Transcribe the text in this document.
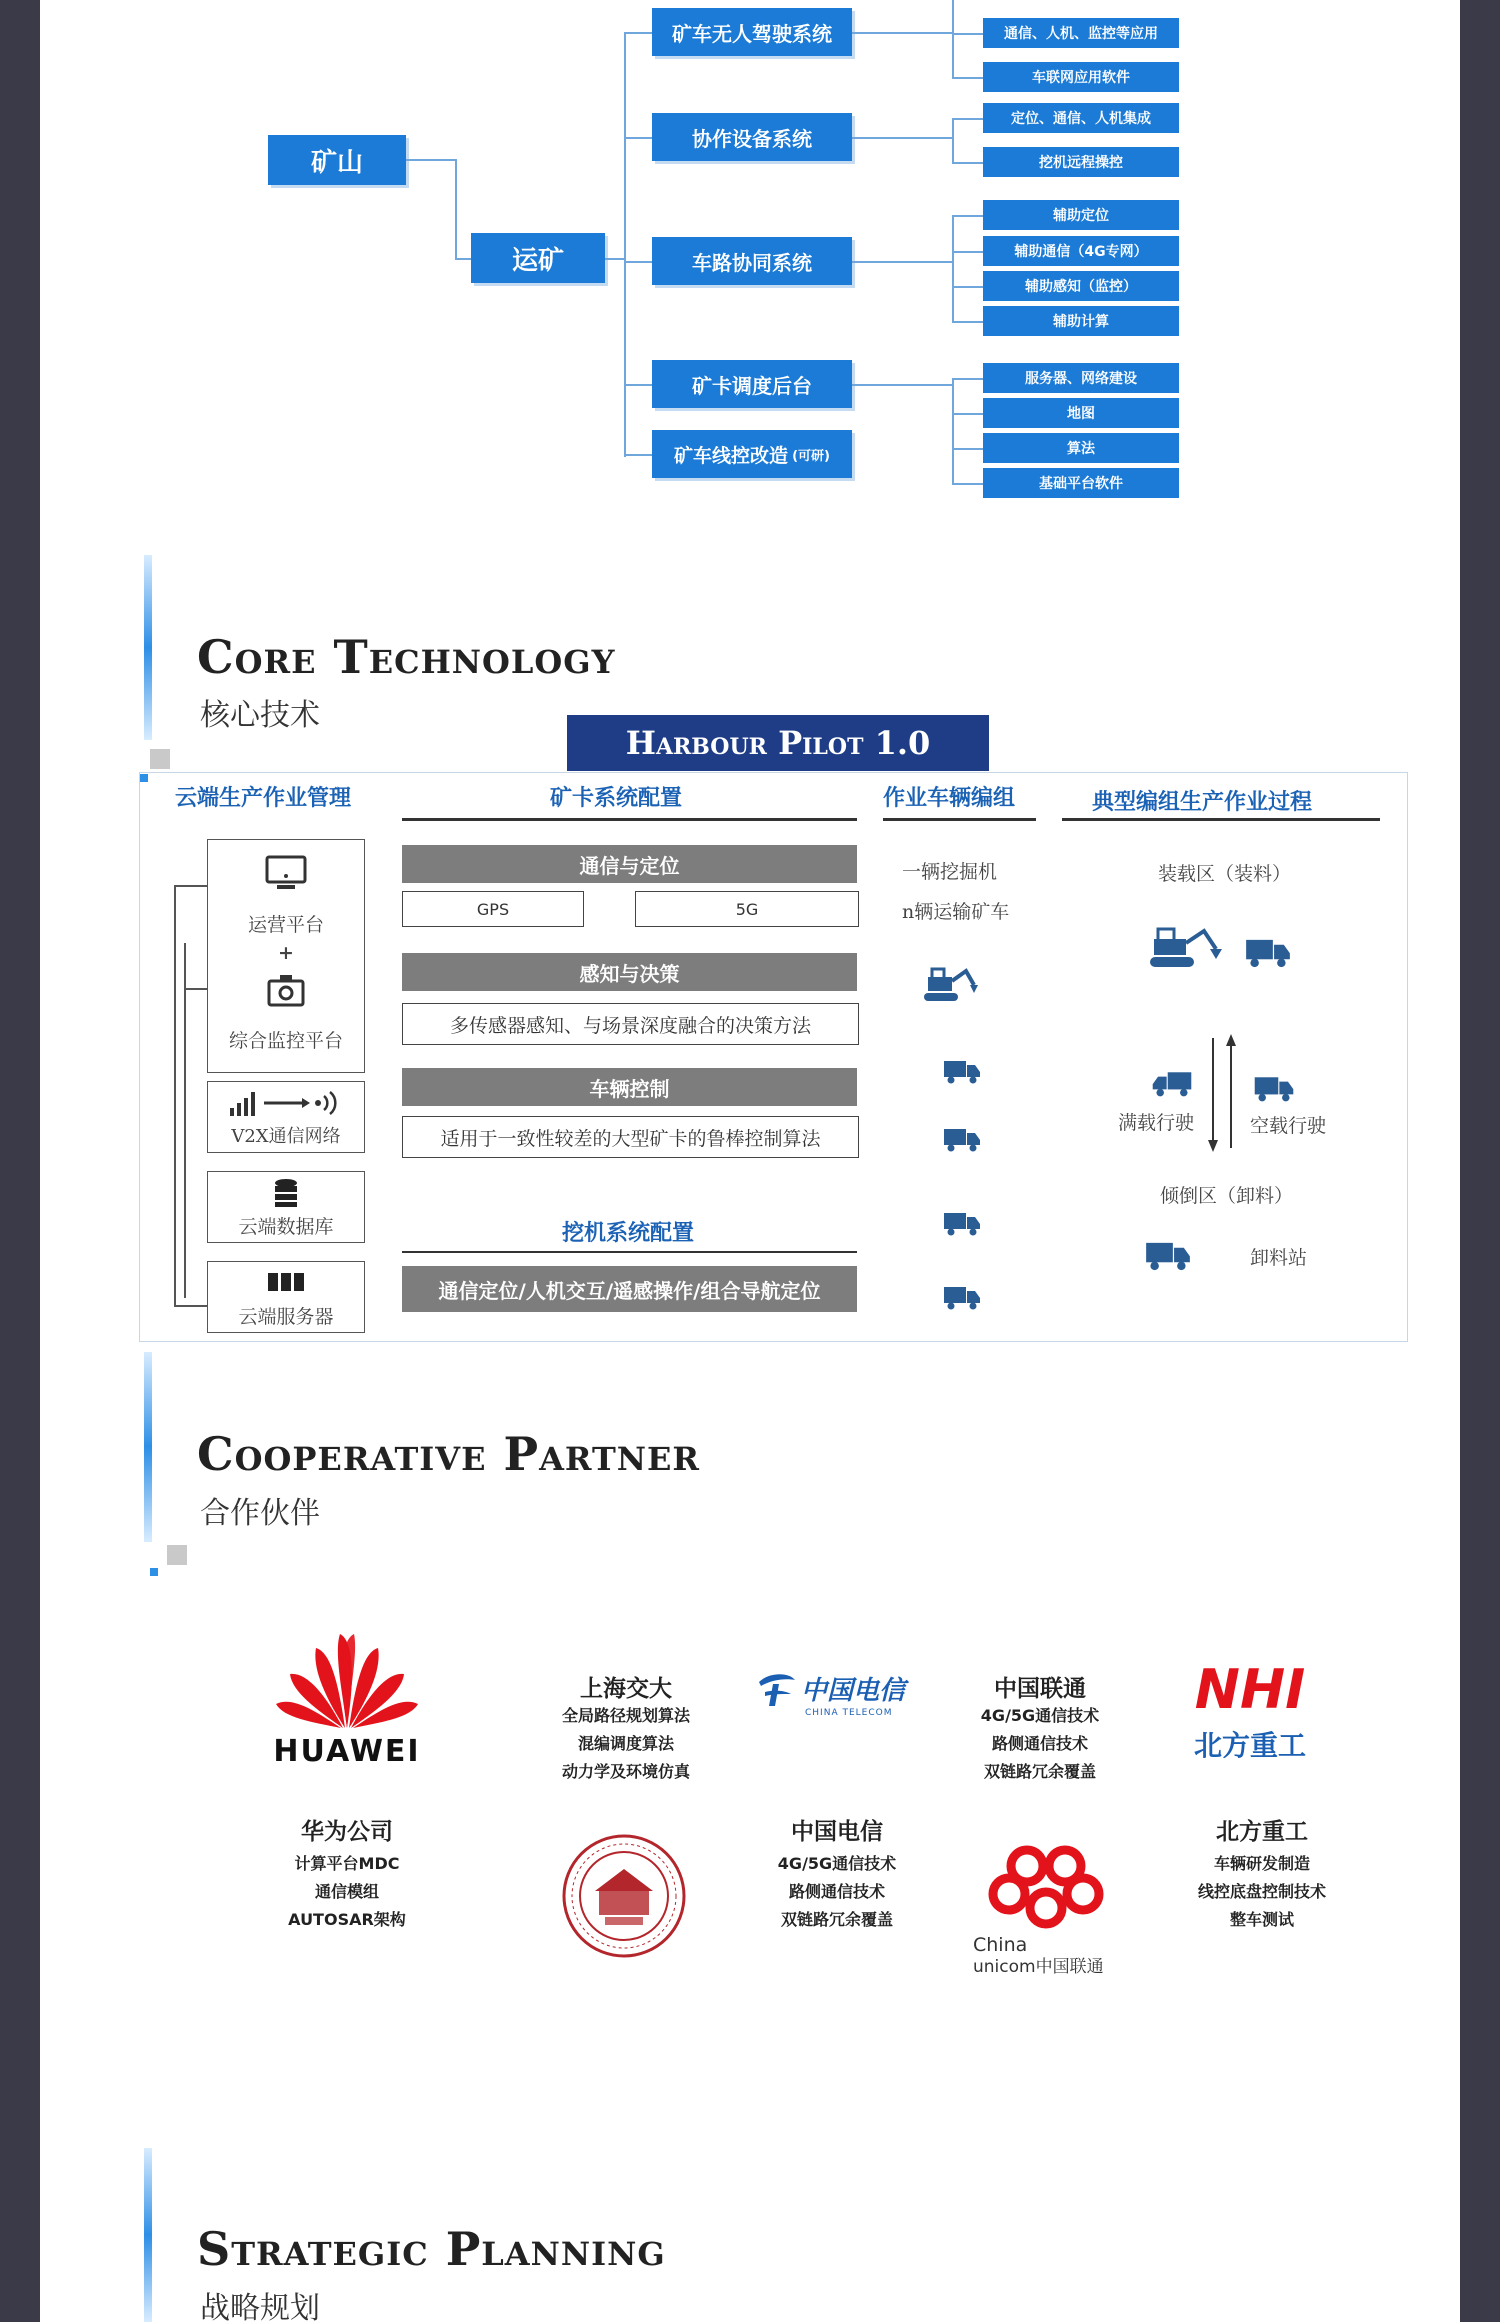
矿山
运矿
矿车无人驾驶系统
协作设备系统
车路协同系统
矿卡调度后台
矿车线控改造 (可研)
通信、人机、监控等应用
车联网应用软件
定位、通信、人机集成
挖机远程操控
辅助定位
辅助通信（4G专网）
辅助感知（监控）
辅助计算
服务器、网络建设
地图
算法
基础平台软件
Core Technology
核心技术
Harbour Pilot 1.0
云端生产作业管理	矿卡系统配置	作业车辆编组	典型编组生产作业过程
运营平台
+
综合监控平台
V2X通信网络
云端数据库
云端服务器
通信与定位
GPS	5G
感知与决策
多传感器感知、与场景深度融合的决策方法
车辆控制
适用于一致性较差的大型矿卡的鲁棒控制算法
挖机系统配置
通信定位/人机交互/遥感操作/组合导航定位
一辆挖掘机
n辆运输矿车
装载区（装料）
满载行驶	空载行驶
倾倒区（卸料）
卸料站
Cooperative Partner
合作伙伴
HUAWEI
上海交大
全局路径规划算法
混编调度算法
动力学及环境仿真
中国电信
CHINA TELECOM
中国联通
4G/5G通信技术
路侧通信技术
双链路冗余覆盖
NHI
北方重工
华为公司
计算平台MDC
通信模组
AUTOSAR架构
中国电信
4G/5G通信技术
路侧通信技术
双链路冗余覆盖
China
unicom中国联通
北方重工
车辆研发制造
线控底盘控制技术
整车测试
Strategic Planning
战略规划
